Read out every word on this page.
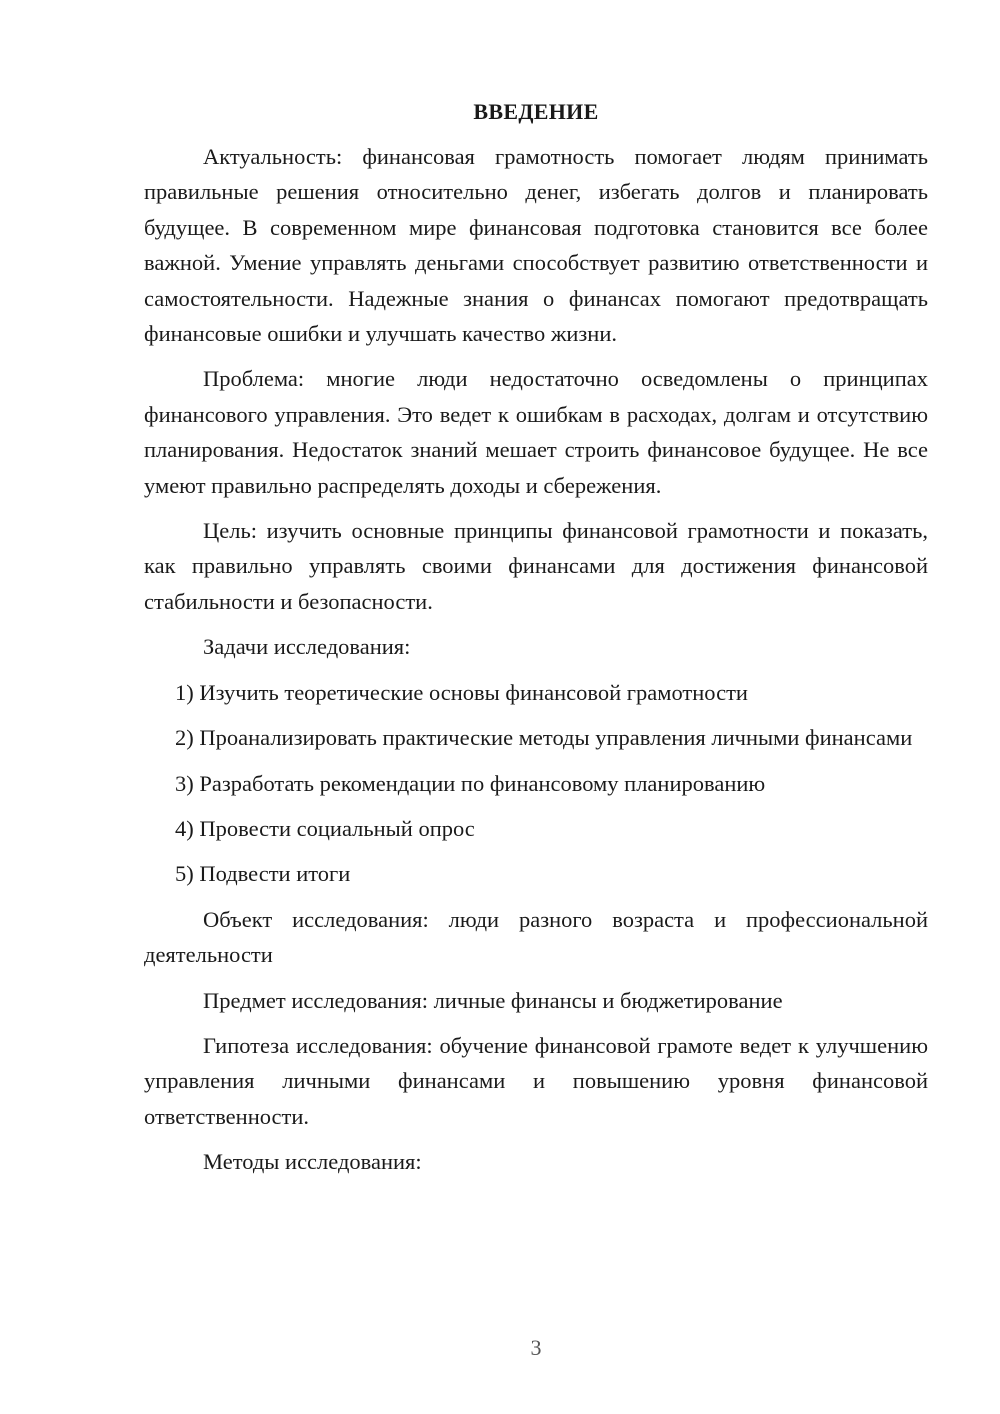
ВВЕДЕНИЕ

Актуальность: финансовая грамотность помогает людям принимать правильные решения относительно денег, избегать долгов и планировать будущее. В современном мире финансовая подготовка становится все более важной. Умение управлять деньгами способствует развитию ответственности и самостоятельности. Надежные знания о финансах помогают предотвращать финансовые ошибки и улучшать качество жизни.

Проблема: многие люди недостаточно осведомлены о принципах финансового управления. Это ведет к ошибкам в расходах, долгам и отсутствию планирования. Недостаток знаний мешает строить финансовое будущее. Не все умеют правильно распределять доходы и сбережения.

Цель: изучить основные принципы финансовой грамотности и показать, как правильно управлять своими финансами для достижения финансовой стабильности и безопасности.

Задачи исследования:

1) Изучить теоретические основы финансовой грамотности

2) Проанализировать практические методы управления личными финансами

3) Разработать рекомендации по финансовому планированию

4) Провести социальный опрос

5) Подвести итоги

Объект исследования: люди разного возраста и профессиональной деятельности

Предмет исследования: личные финансы и бюджетирование

Гипотеза исследования: обучение финансовой грамоте ведет к улучшению управления личными финансами и повышению уровня финансовой ответственности.

Методы исследования:

3
